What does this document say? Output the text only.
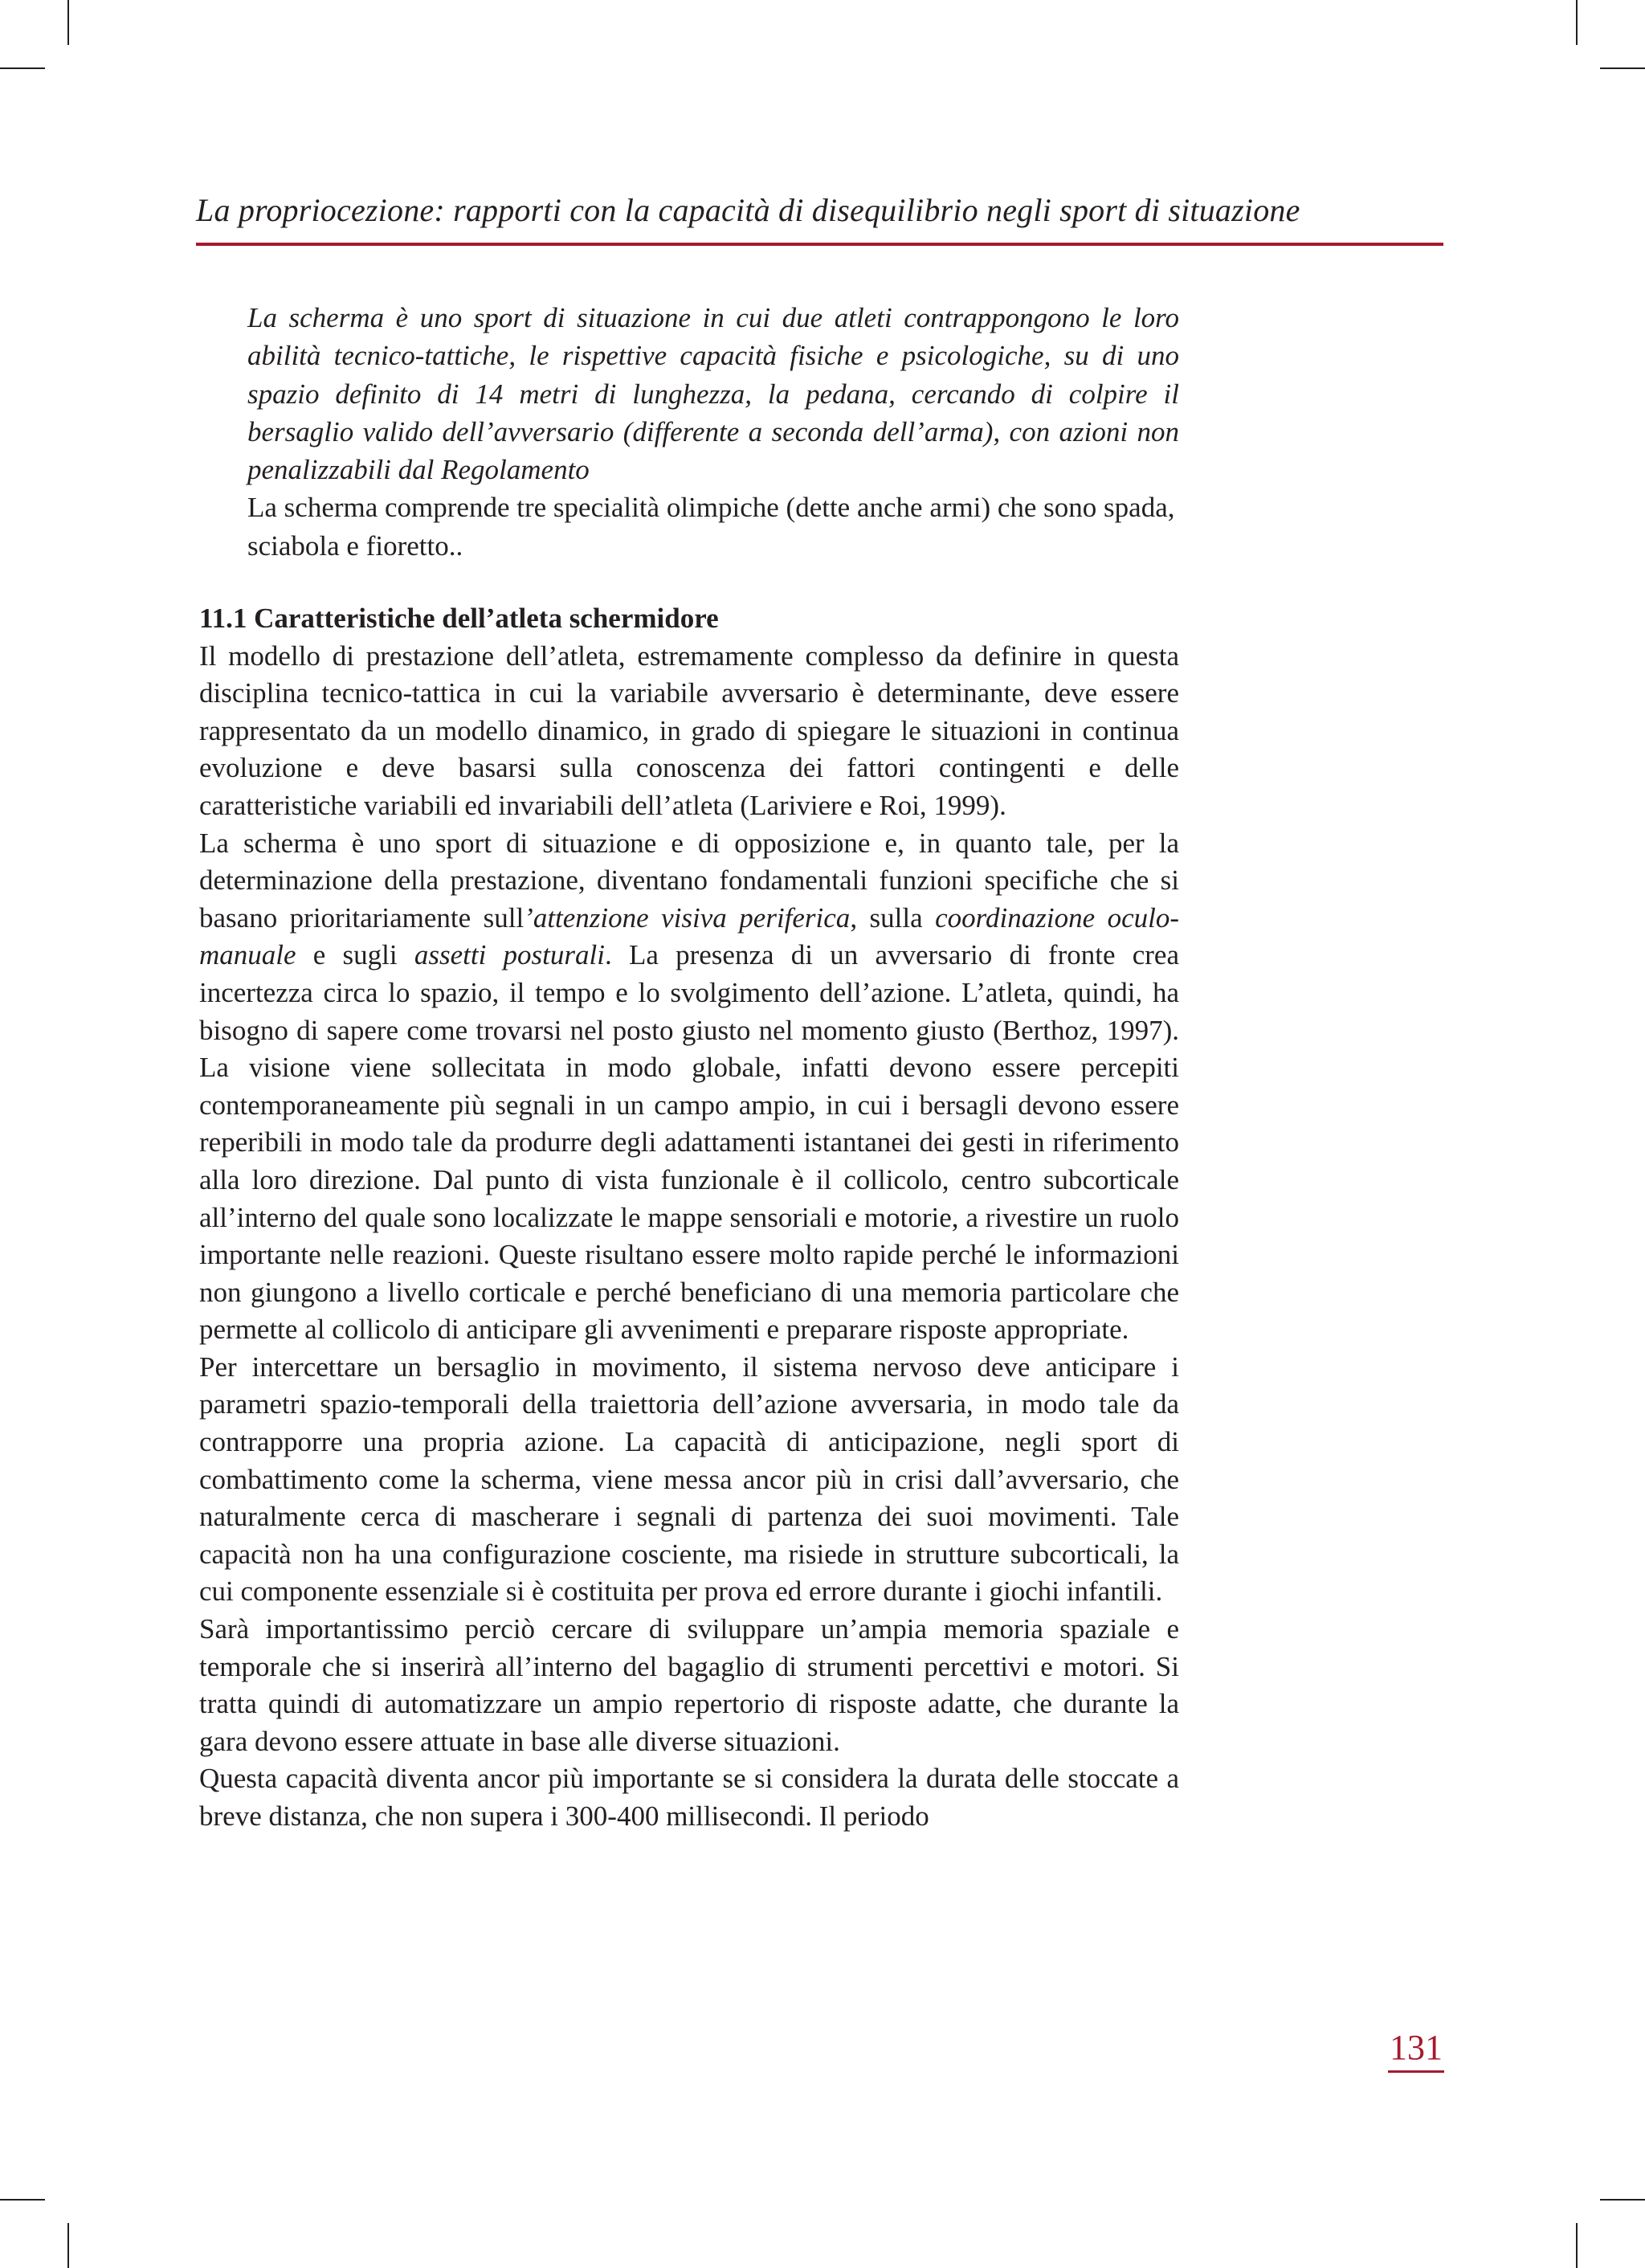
La propriocezione: rapporti con la capacità di disequilibrio negli sport di situazione
La scherma è uno sport di situazione in cui due atleti contrappongono le loro abilità tecnico-tattiche, le rispettive capacità fisiche e psicologiche, su di uno spazio definito di 14 metri di lunghezza, la pedana, cercando di colpire il bersaglio valido dell’avversario (differente a seconda dell’arma), con azioni non penalizzabili dal Regolamento
La scherma comprende tre specialità olimpiche (dette anche armi) che sono spada, sciabola e fioretto..

11.1 Caratteristiche dell’atleta schermidore

Il modello di prestazione dell’atleta, estremamente complesso da definire in questa disciplina tecnico-tattica in cui la variabile avversario è determinante, deve essere rappresentato da un modello dinamico, in grado di spiegare le situazioni in continua evoluzione e deve basarsi sulla conoscenza dei fattori contingenti e delle caratteristiche variabili ed invariabili dell’atleta (Lariviere e Roi, 1999).

La scherma è uno sport di situazione e di opposizione e, in quanto tale, per la determinazione della prestazione, diventano fondamentali funzioni specifiche che si basano prioritariamente sull’attenzione visiva periferica, sulla coordinazione oculo-manuale e sugli assetti posturali. La presenza di un avversario di fronte crea incertezza circa lo spazio, il tempo e lo svolgimento dell’azione. L’atleta, quindi, ha bisogno di sapere come trovarsi nel posto giusto nel momento giusto (Berthoz, 1997). La visione viene sollecitata in modo globale, infatti devono essere percepiti contemporaneamente più segnali in un campo ampio, in cui i bersagli devono essere reperibili in modo tale da produrre degli adattamenti istantanei dei gesti in riferimento alla loro direzione. Dal punto di vista funzionale è il collicolo, centro subcorticale all’interno del quale sono localizzate le mappe sensoriali e motorie, a rivestire un ruolo importante nelle reazioni. Queste risultano essere molto rapide perché le informazioni non giungono a livello corticale e perché beneficiano di una memoria particolare che permette al collicolo di anticipare gli avvenimenti e preparare risposte appropriate.

Per intercettare un bersaglio in movimento, il sistema nervoso deve anticipare i parametri spazio-temporali della traiettoria dell’azione avversaria, in modo tale da contrapporre una propria azione. La capacità di anticipazione, negli sport di combattimento come la scherma, viene messa ancor più in crisi dall’avversario, che naturalmente cerca di mascherare i segnali di partenza dei suoi movimenti. Tale capacità non ha una configurazione cosciente, ma risiede in strutture subcorticali, la cui componente essenziale si è costituita per prova ed errore durante i giochi infantili.

Sarà importantissimo perciò cercare di sviluppare un’ampia memoria spaziale e temporale che si inserirà all’interno del bagaglio di strumenti percettivi e motori. Si tratta quindi di automatizzare un ampio repertorio di risposte adatte, che durante la gara devono essere attuate in base alle diverse situazioni.

Questa capacità diventa ancor più importante se si considera la durata delle stoccate a breve distanza, che non supera i 300-400 millisecondi. Il periodo

131
